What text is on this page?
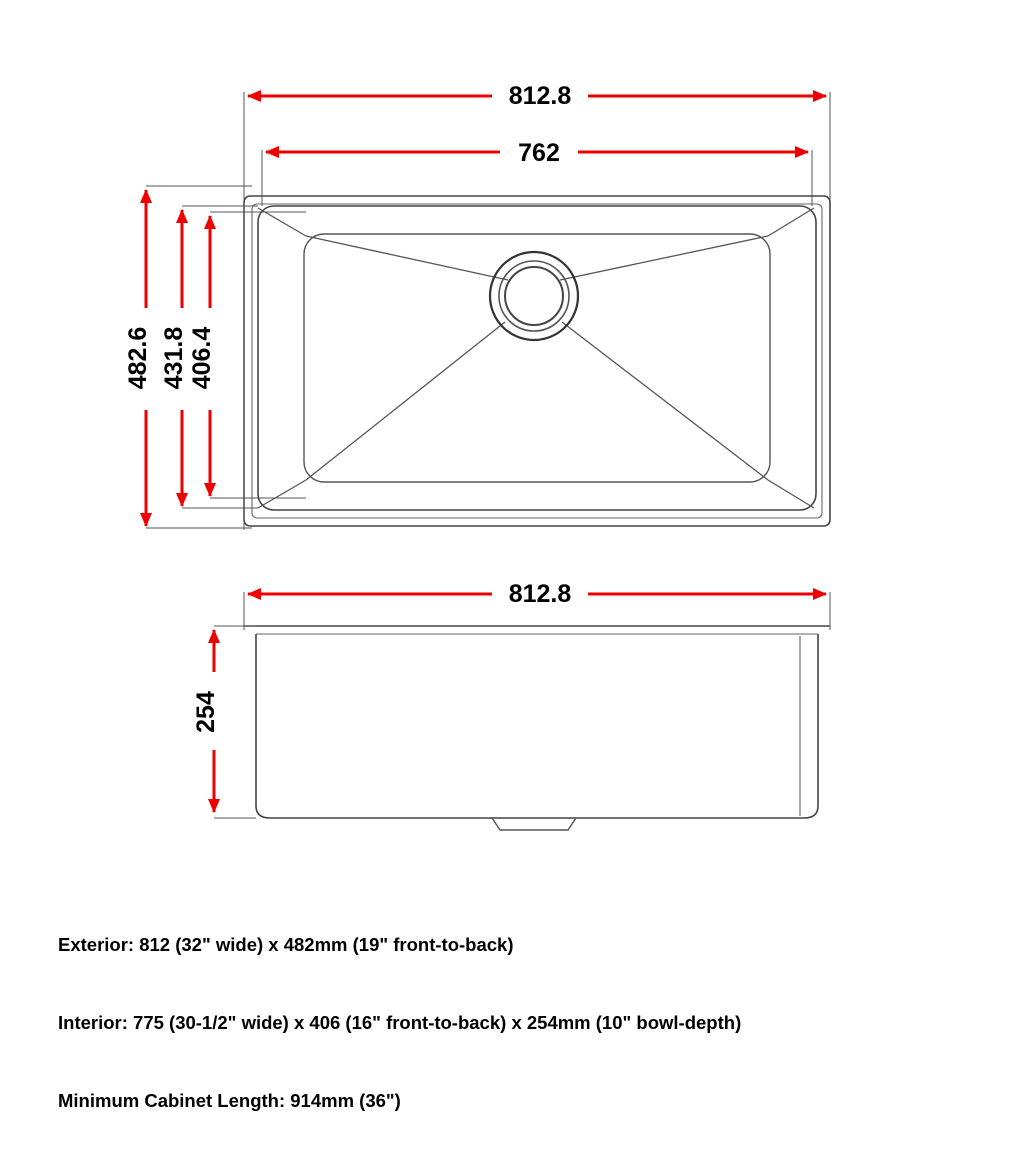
812.8
762
482.6 431.8 406.4
812.8
254

Exterior: 812 (32" wide) x 482mm (19" front-to-back)

Interior: 775 (30-1/2" wide) x 406 (16" front-to-back) x 254mm (10" bowl-depth)

Minimum Cabinet Length: 914mm (36")
